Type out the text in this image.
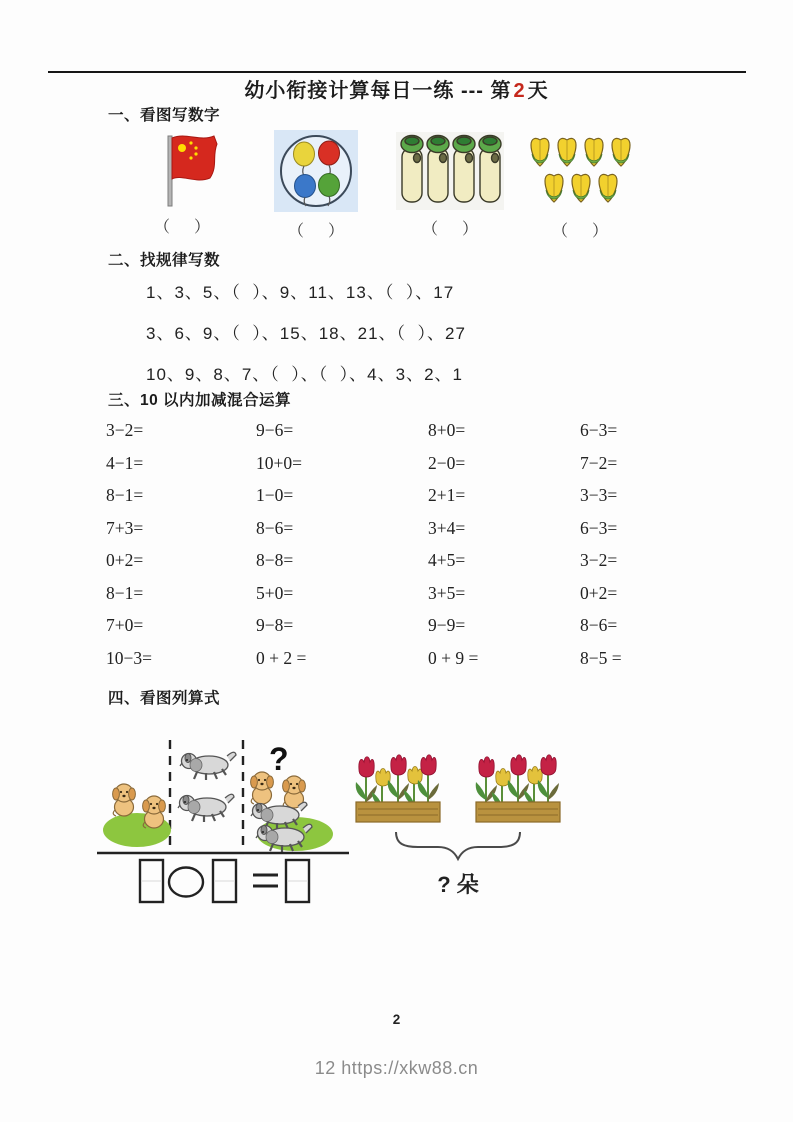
幼小衔接计算每日一练 --- 第 2 天
一、看图写数字
（      ）	（      ）	（      ）	（      ）
二、找规律写数
1、3、5、（  ）、9、11、13、（  ）、17
3、6、9、（  ）、15、18、21、（  ）、27
10、9、8、7、（  ）、（  ）、4、3、2、1
三、10 以内加减混合运算
3−2=	9−6=	8+0=	6−3=
4−1=	10+0=	2−0=	7−2=
8−1=	1−0=	2+1=	3−3=
7+3=	8−6=	3+4=	6−3=
0+2=	8−8=	4+5=	3−2=
8−1=	5+0=	3+5=	0+2=
7+0=	9−8=	9−9=	8−6=
10−3=	0 + 2 =	0 + 9 =	8−5 =
四、看图列算式
?
? 朵
2
12 https://xkw88.cn
